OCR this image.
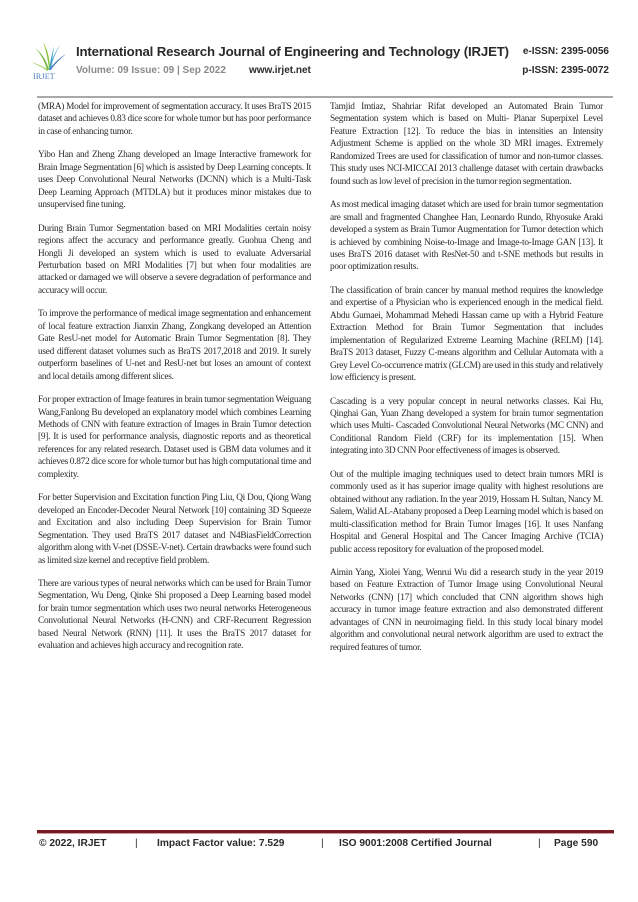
IRJET
International Research Journal of Engineering and Technology (IRJET)
Volume: 09 Issue: 09 | Sep 2022 www.irjet.net
e-ISSN: 2395-0056
p-ISSN: 2395-0072

(MRA) Model for improvement of segmentation accuracy. It uses BraTS 2015 dataset and achieves 0.83 dice score for whole tumor but has poor performance in case of enhancing tumor.

Yibo Han and Zheng Zhang developed an Image Interactive framework for Brain Image Segmentation [6] which is assisted by Deep Learning concepts. It uses Deep Convolutional Neural Networks (DCNN) which is a Multi-Task Deep Learning Approach (MTDLA) but it produces minor mistakes due to unsupervised fine tuning.

During Brain Tumor Segmentation based on MRI Modalities certain noisy regions affect the accuracy and performance greatly. Guohua Cheng and Hongli Ji developed an system which is used to evaluate Adversarial Perturbation based on MRI Modalities [7] but when four modalities are attacked or damaged we will observe a severe degradation of performance and accuracy will occur.

To improve the performance of medical image segmentation and enhancement of local feature extraction Jianxin Zhang, Zongkang developed an Attention Gate ResU-net model for Automatic Brain Tumor Segmentation [8]. They used different dataset volumes such as BraTS 2017,2018 and 2019. It surely outperform baselines of U-net and ResU-net but loses an amount of context and local details among different slices.

For proper extraction of Image features in brain tumor segmentation Weiguang Wang,Fanlong Bu developed an explanatory model which combines Learning Methods of CNN with feature extraction of Images in Brain Tumor detection [9]. It is used for performance analysis, diagnostic reports and as theoretical references for any related research. Dataset used is GBM data volumes and it achieves 0.872 dice score for whole tumor but has high computational time and complexity.

For better Supervision and Excitation function Ping Liu, Qi Dou, Qiong Wang developed an Encoder-Decoder Neural Network [10] containing 3D Squeeze and Excitation and also including Deep Supervision for Brain Tumor Segmentation. They used BraTS 2017 dataset and N4BiasFieldCorrection algorithm along with V-net (DSSE-V-net). Certain drawbacks were found such as limited size kernel and receptive field problem.

There are various types of neural networks which can be used for Brain Tumor Segmentation, Wu Deng, Qinke Shi proposed a Deep Learning based model for brain tumor segmentation which uses two neural networks Heterogeneous Convolutional Neural Networks (H-CNN) and CRF-Recurrent Regression based Neural Network (RNN) [11]. It uses the BraTS 2017 dataset for evaluation and achieves high accuracy and recognition rate.

Tamjid Imtiaz, Shahriar Rifat developed an Automated Brain Tumor Segmentation system which is based on Multi- Planar Superpixel Level Feature Extraction [12]. To reduce the bias in intensities an Intensity Adjustment Scheme is applied on the whole 3D MRI images. Extremely Randomized Trees are used for classification of tumor and non-tumor classes. This study uses NCI-MICCAI 2013 challenge dataset with certain drawbacks found such as low level of precision in the tumor region segmentation.

As most medical imaging dataset which are used for brain tumor segmentation are small and fragmented Changhee Han, Leonardo Rundo, Rhyosuke Araki developed a system as Brain Tumor Augmentation for Tumor detection which is achieved by combining Noise-to-Image and Image-to-Image GAN [13]. It uses BraTS 2016 dataset with ResNet-50 and t-SNE methods but results in poor optimization results.

The classification of brain cancer by manual method requires the knowledge and expertise of a Physician who is experienced enough in the medical field. Abdu Gumaei, Mohammad Mehedi Hassan came up with a Hybrid Feature Extraction Method for Brain Tumor Segmentation that includes implementation of Regularized Extreme Learning Machine (RELM) [14]. BraTS 2013 dataset, Fuzzy C-means algorithm and Cellular Automata with a Grey Level Co-occurrence matrix (GLCM) are used in this study and relatively low efficiency is present.

Cascading is a very popular concept in neural networks classes. Kai Hu, Qinghai Gan, Yuan Zhang developed a system for brain tumor segmentation which uses Multi- Cascaded Convolutional Neural Networks (MC CNN) and Conditional Random Field (CRF) for its implementation [15]. When integrating into 3D CNN Poor effectiveness of images is observed.

Out of the multiple imaging techniques used to detect brain tumors MRI is commonly used as it has superior image quality with highest resolutions are obtained without any radiation. In the year 2019, Hossam H. Sultan, Nancy M. Salem, Walid AL-Atabany proposed a Deep Learning model which is based on multi-classification method for Brain Tumor Images [16]. It uses Nanfang Hospital and General Hospital and The Cancer Imaging Archive (TCIA) public access repository for evaluation of the proposed model.

Aimin Yang, Xiolei Yang, Wenrui Wu did a research study in the year 2019 based on Feature Extraction of Tumor Image using Convolutional Neural Networks (CNN) [17] which concluded that CNN algorithm shows high accuracy in tumor image feature extraction and also demonstrated different advantages of CNN in neuroimaging field. In this study local binary model algorithm and convolutional neural network algorithm are used to extract the required features of tumor.

© 2022, IRJET	| Impact Factor value: 7.529	| ISO 9001:2008 Certified Journal	| Page 590
